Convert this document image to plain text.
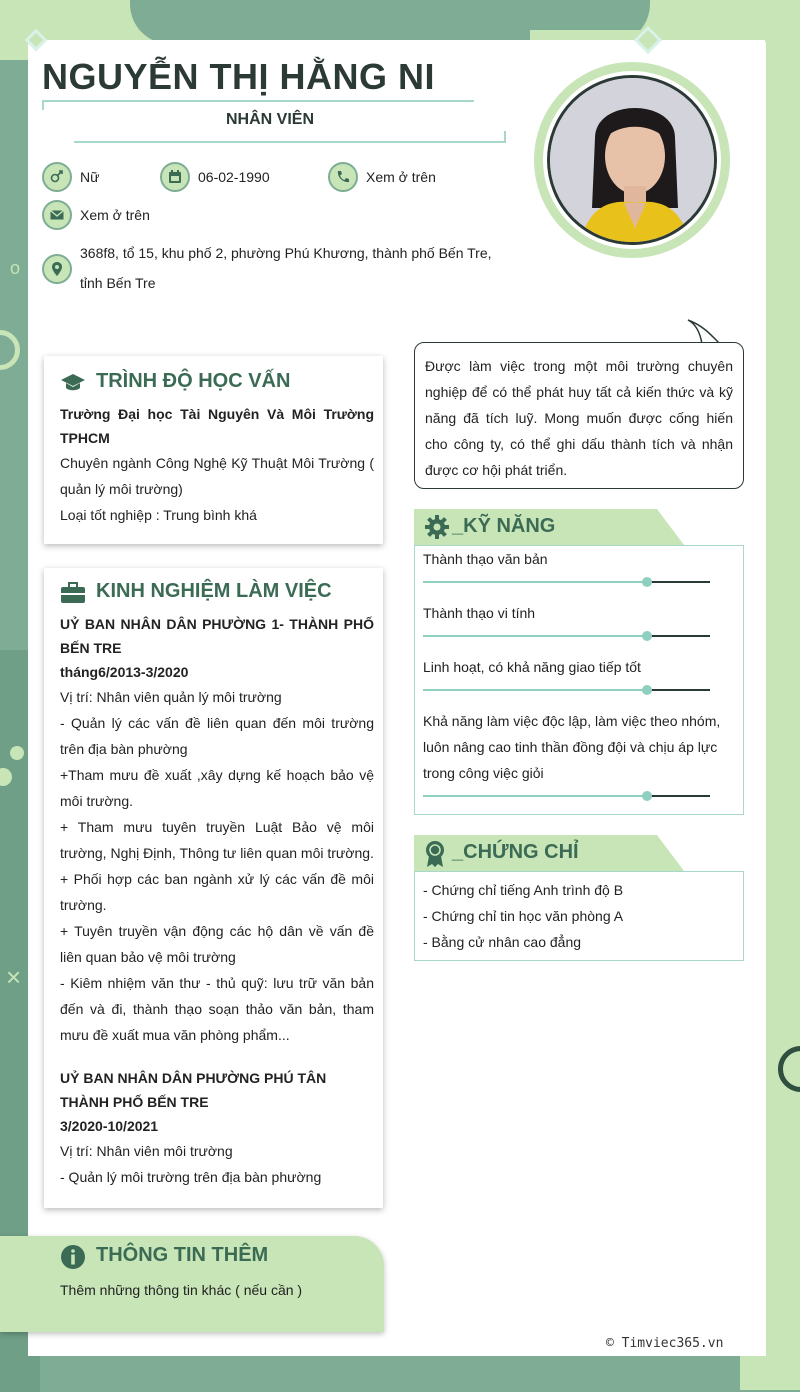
o
×
+
NGUYỄN THỊ HẰNG NI
NHÂN VIÊN
Nữ	06-02-1990	Xem ở trên
Xem ở trên
368f8, tổ 15, khu phố 2, phường Phú Khương, thành phố Bến Tre,
tỉnh Bến Tre
Được làm việc trong một môi trường chuyên nghiệp để có thể phát huy tất cả kiến thức và kỹ năng đã tích luỹ. Mong muốn được cống hiến cho công ty, có thể ghi dấu thành tích và nhận được cơ hội phát triển.
TRÌNH ĐỘ HỌC VẤN
Trường Đại học Tài Nguyên Và Môi Trường TPHCM
Chuyên ngành Công Nghệ Kỹ Thuật Môi Trường ( quản lý môi trường)
Loại tốt nghiệp : Trung bình khá
KINH NGHIỆM LÀM VIỆC
UỶ BAN NHÂN DÂN PHƯỜNG 1- THÀNH PHỐ BẾN TRE
tháng6/2013-3/2020
Vị trí: Nhân viên quản lý môi trường
- Quản lý các vấn đề liên quan đến môi trường trên địa bàn phường
+Tham mưu đề xuất ,xây dựng kế hoạch bảo vệ môi trường.
+ Tham mưu tuyên truyền Luật Bảo vệ môi trường, Nghị Định, Thông tư liên quan môi trường.
+ Phối hợp các ban ngành xử lý các vấn đề môi trường.
+ Tuyên truyền vận động các hộ dân về vấn đề liên quan bảo vệ môi trường
- Kiêm nhiệm văn thư - thủ quỹ: lưu trữ văn bản đến và đi, thành thạo soạn thảo văn bản, tham mưu đề xuất mua văn phòng phẩm...
UỶ BAN NHÂN DÂN PHƯỜNG PHÚ TÂN THÀNH PHỐ BẾN TRE
3/2020-10/2021
Vị trí: Nhân viên môi trường
- Quản lý môi trường trên địa bàn phường
THÔNG TIN THÊM
Thêm những thông tin khác ( nếu cần )
_KỸ NĂNG
Thành thạo văn bản
Thành thạo vi tính
Linh hoạt, có khả năng giao tiếp tốt
Khả năng làm việc độc lập, làm việc theo nhóm, luôn nâng cao tinh thần đồng đội và chịu áp lực trong công việc giỏi
_CHỨNG CHỈ
- Chứng chỉ tiếng Anh trình độ B
- Chứng chỉ tin học văn phòng A
- Bằng cử nhân cao đẳng
© Timviec365.vn
